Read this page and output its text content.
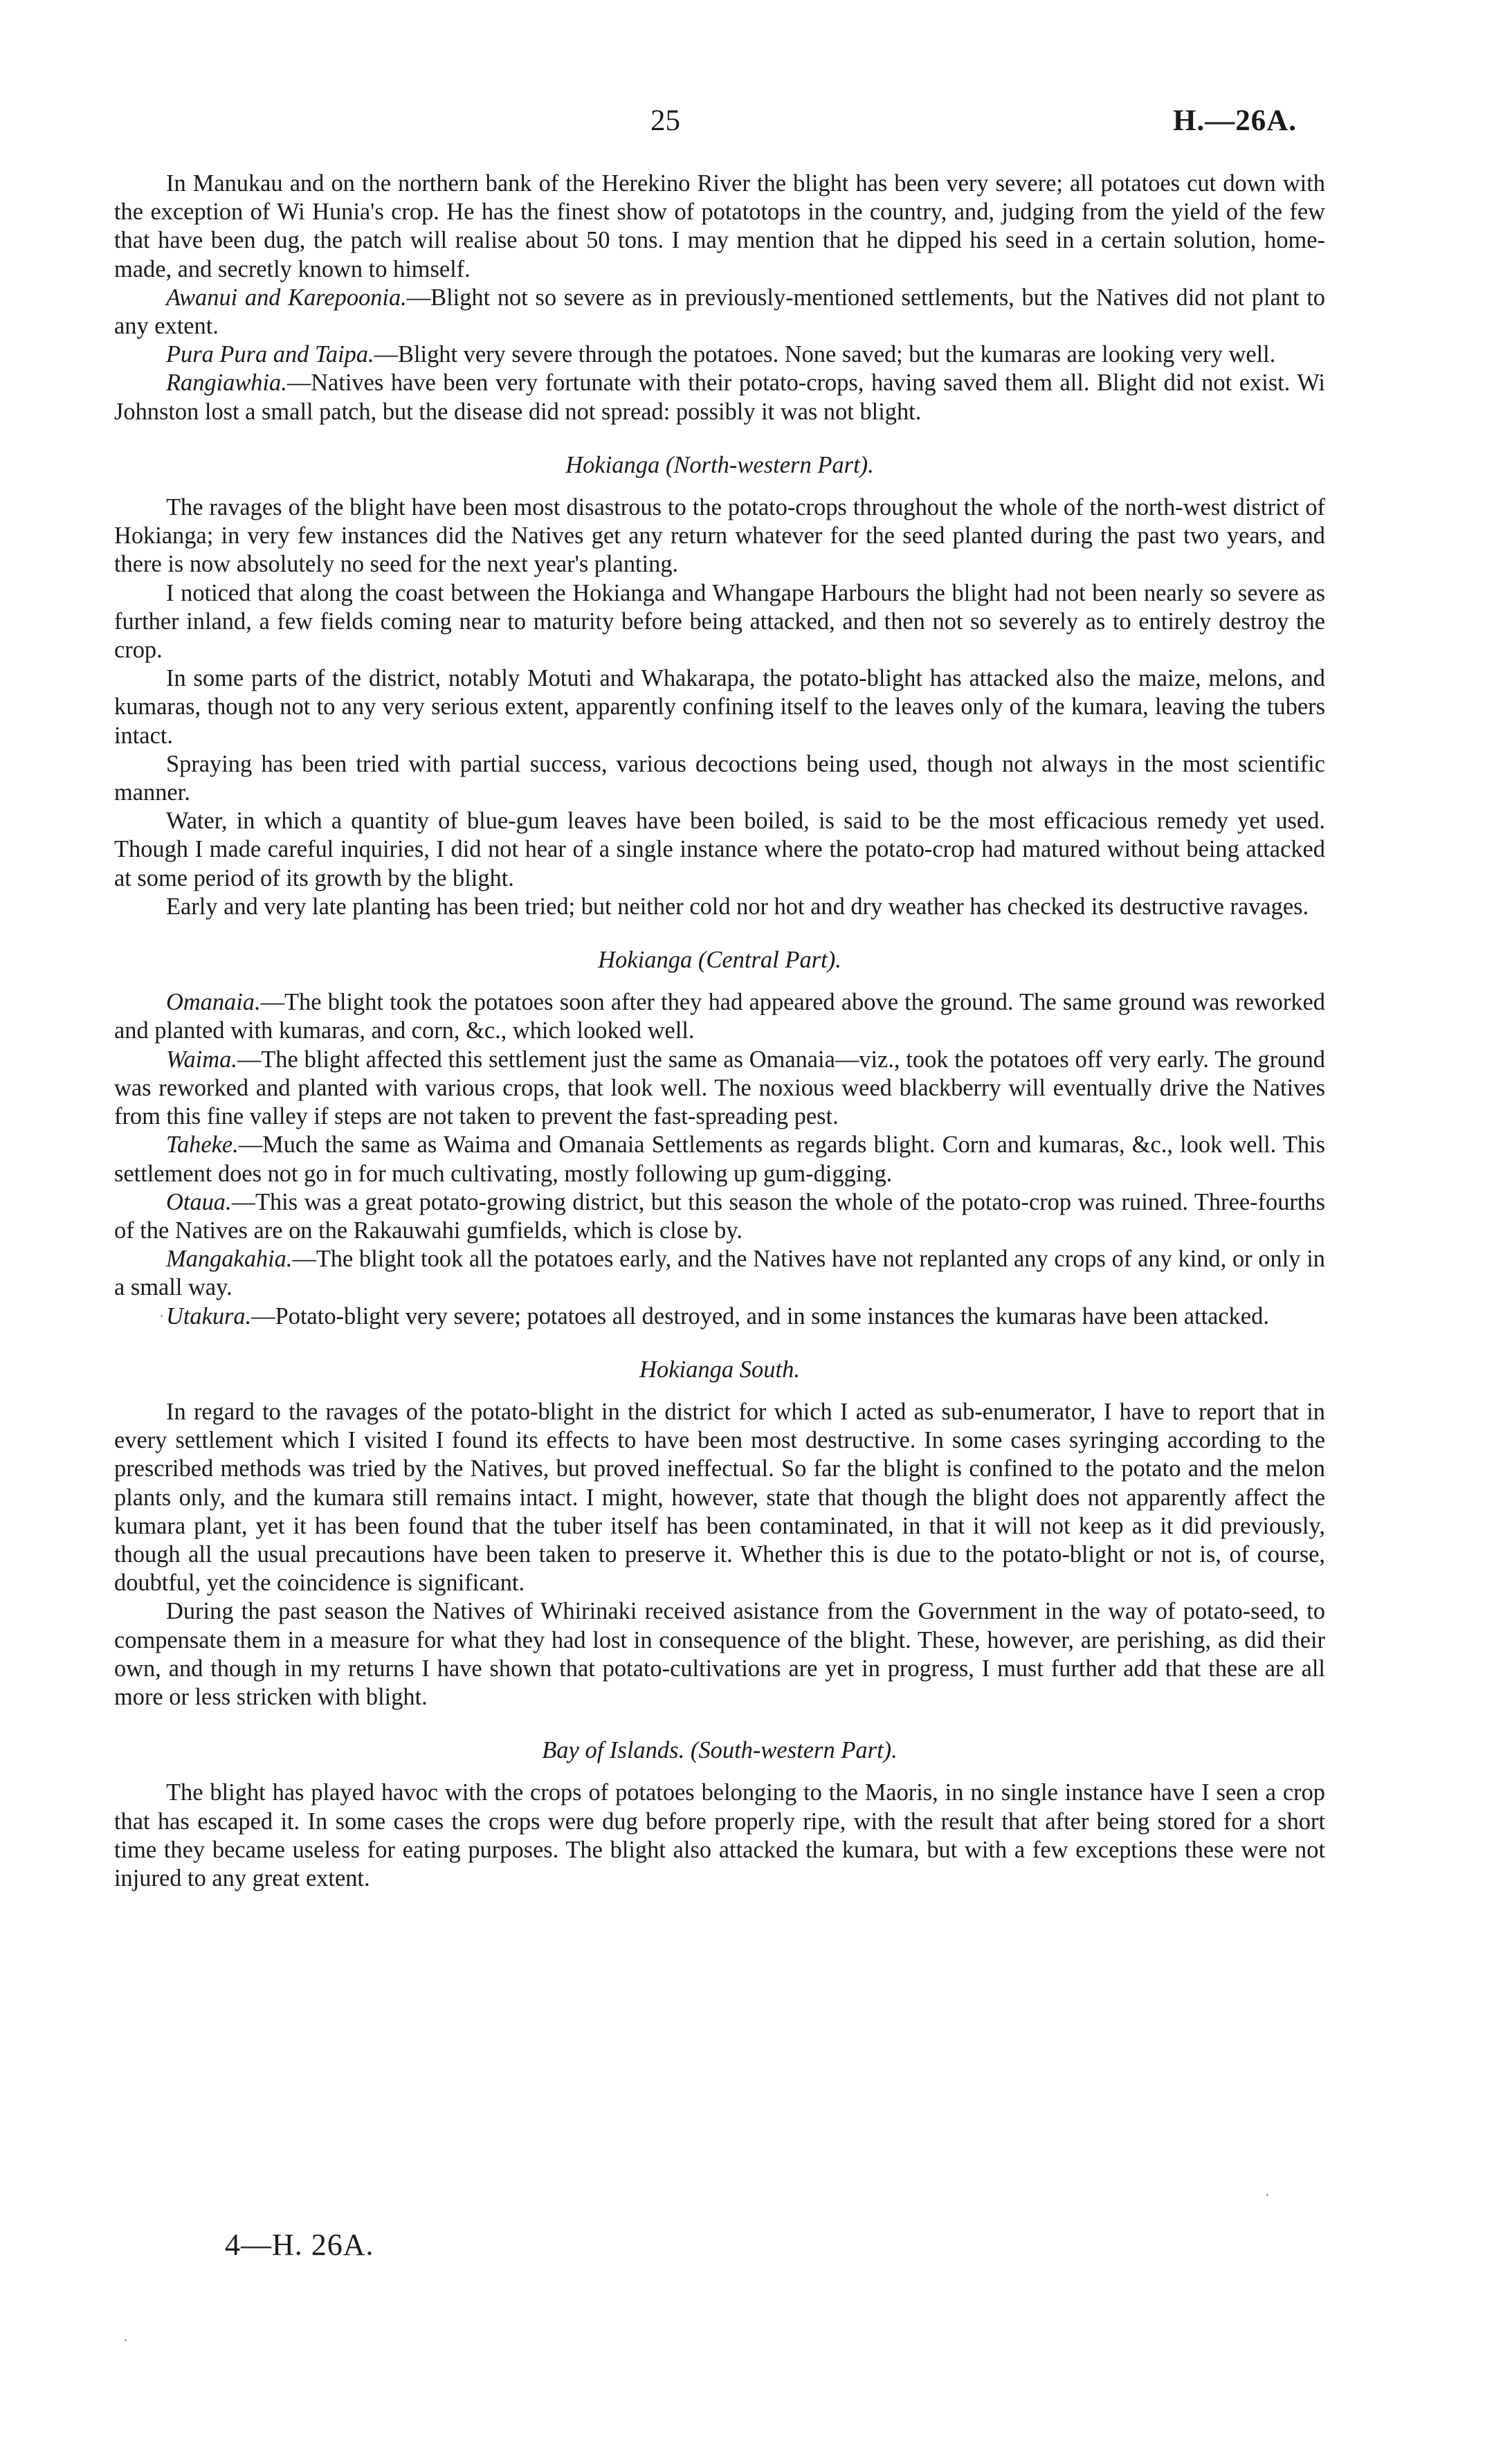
25	H.—26A.

In Manukau and on the northern bank of the Herekino River the blight has been very severe; all potatoes cut down with the exception of Wi Hunia's crop. He has the finest show of potatotops in the country, and, judging from the yield of the few that have been dug, the patch will realise about 50 tons. I may mention that he dipped his seed in a certain solution, home-made, and secretly known to himself.

Awanui and Karepoonia.—Blight not so severe as in previously-mentioned settlements, but the Natives did not plant to any extent.

Pura Pura and Taipa.—Blight very severe through the potatoes. None saved; but the kumaras are looking very well.

Rangiawhia.—Natives have been very fortunate with their potato-crops, having saved them all. Blight did not exist. Wi Johnston lost a small patch, but the disease did not spread: possibly it was not blight.

Hokianga (North-western Part).

The ravages of the blight have been most disastrous to the potato-crops throughout the whole of the north-west district of Hokianga; in very few instances did the Natives get any return whatever for the seed planted during the past two years, and there is now absolutely no seed for the next year's planting.

I noticed that along the coast between the Hokianga and Whangape Harbours the blight had not been nearly so severe as further inland, a few fields coming near to maturity before being attacked, and then not so severely as to entirely destroy the crop.

In some parts of the district, notably Motuti and Whakarapa, the potato-blight has attacked also the maize, melons, and kumaras, though not to any very serious extent, apparently confining itself to the leaves only of the kumara, leaving the tubers intact.

Spraying has been tried with partial success, various decoctions being used, though not always in the most scientific manner.

Water, in which a quantity of blue-gum leaves have been boiled, is said to be the most efficacious remedy yet used. Though I made careful inquiries, I did not hear of a single instance where the potato-crop had matured without being attacked at some period of its growth by the blight.

Early and very late planting has been tried; but neither cold nor hot and dry weather has checked its destructive ravages.

Hokianga (Central Part).

Omanaia.—The blight took the potatoes soon after they had appeared above the ground. The same ground was reworked and planted with kumaras, and corn, &c., which looked well.

Waima.—The blight affected this settlement just the same as Omanaia—viz., took the potatoes off very early. The ground was reworked and planted with various crops, that look well. The noxious weed blackberry will eventually drive the Natives from this fine valley if steps are not taken to prevent the fast-spreading pest.

Taheke.—Much the same as Waima and Omanaia Settlements as regards blight. Corn and kumaras, &c., look well. This settlement does not go in for much cultivating, mostly following up gum-digging.

Otaua.—This was a great potato-growing district, but this season the whole of the potato-crop was ruined. Three-fourths of the Natives are on the Rakauwahi gumfields, which is close by.

Mangakahia.—The blight took all the potatoes early, and the Natives have not replanted any crops of any kind, or only in a small way.

Utakura.—Potato-blight very severe; potatoes all destroyed, and in some instances the kumaras have been attacked.

Hokianga South.

In regard to the ravages of the potato-blight in the district for which I acted as sub-enumerator, I have to report that in every settlement which I visited I found its effects to have been most destructive. In some cases syringing according to the prescribed methods was tried by the Natives, but proved ineffectual. So far the blight is confined to the potato and the melon plants only, and the kumara still remains intact. I might, however, state that though the blight does not apparently affect the kumara plant, yet it has been found that the tuber itself has been contaminated, in that it will not keep as it did previously, though all the usual precautions have been taken to preserve it. Whether this is due to the potato-blight or not is, of course, doubtful, yet the coincidence is significant.

During the past season the Natives of Whirinaki received asistance from the Government in the way of potato-seed, to compensate them in a measure for what they had lost in consequence of the blight. These, however, are perishing, as did their own, and though in my returns I have shown that potato-cultivations are yet in progress, I must further add that these are all more or less stricken with blight.

Bay of Islands. (South-western Part).

The blight has played havoc with the crops of potatoes belonging to the Maoris, in no single instance have I seen a crop that has escaped it. In some cases the crops were dug before properly ripe, with the result that after being stored for a short time they became useless for eating purposes. The blight also attacked the kumara, but with a few exceptions these were not injured to any great extent.

4—H. 26A.
